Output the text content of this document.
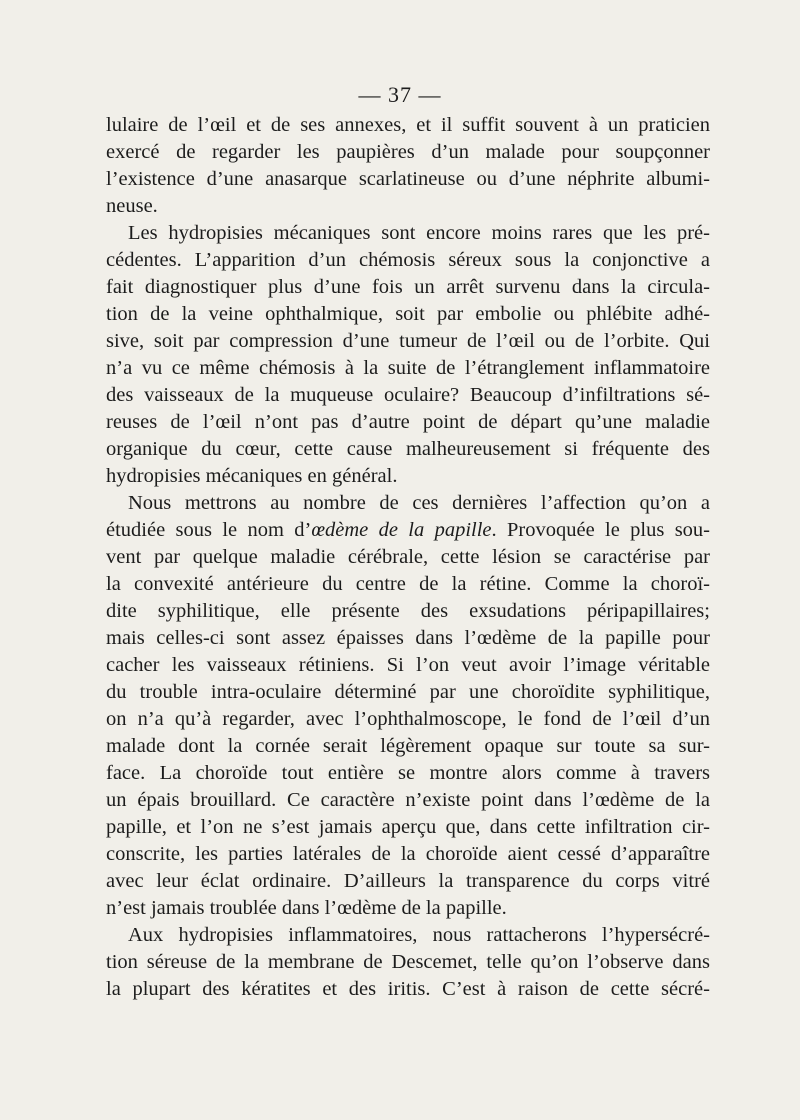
— 37 —
lulaire de l’œil et de ses annexes, et il suffit souvent à un praticien
exercé de regarder les paupières d’un malade pour soupçonner
l’existence d’une anasarque scarlatineuse ou d’une néphrite albumi-
neuse.
Les hydropisies mécaniques sont encore moins rares que les pré-
cédentes. L’apparition d’un chémosis séreux sous la conjonctive a
fait diagnostiquer plus d’une fois un arrêt survenu dans la circula-
tion de la veine ophthalmique, soit par embolie ou phlébite adhé-
sive, soit par compression d’une tumeur de l’œil ou de l’orbite. Qui
n’a vu ce même chémosis à la suite de l’étranglement inflammatoire
des vaisseaux de la muqueuse oculaire? Beaucoup d’infiltrations sé-
reuses de l’œil n’ont pas d’autre point de départ qu’une maladie
organique du cœur, cette cause malheureusement si fréquente des
hydropisies mécaniques en général.
Nous mettrons au nombre de ces dernières l’affection qu’on a
étudiée sous le nom d’œdème de la papille. Provoquée le plus sou-
vent par quelque maladie cérébrale, cette lésion se caractérise par
la convexité antérieure du centre de la rétine. Comme la choroï-
dite syphilitique, elle présente des exsudations péripapillaires;
mais celles-ci sont assez épaisses dans l’œdème de la papille pour
cacher les vaisseaux rétiniens. Si l’on veut avoir l’image véritable
du trouble intra-oculaire déterminé par une choroïdite syphilitique,
on n’a qu’à regarder, avec l’ophthalmoscope, le fond de l’œil d’un
malade dont la cornée serait légèrement opaque sur toute sa sur-
face. La choroïde tout entière se montre alors comme à travers
un épais brouillard. Ce caractère n’existe point dans l’œdème de la
papille, et l’on ne s’est jamais aperçu que, dans cette infiltration cir-
conscrite, les parties latérales de la choroïde aient cessé d’apparaître
avec leur éclat ordinaire. D’ailleurs la transparence du corps vitré
n’est jamais troublée dans l’œdème de la papille.
Aux hydropisies inflammatoires, nous rattacherons l’hypersécré-
tion séreuse de la membrane de Descemet, telle qu’on l’observe dans
la plupart des kératites et des iritis. C’est à raison de cette sécré-
